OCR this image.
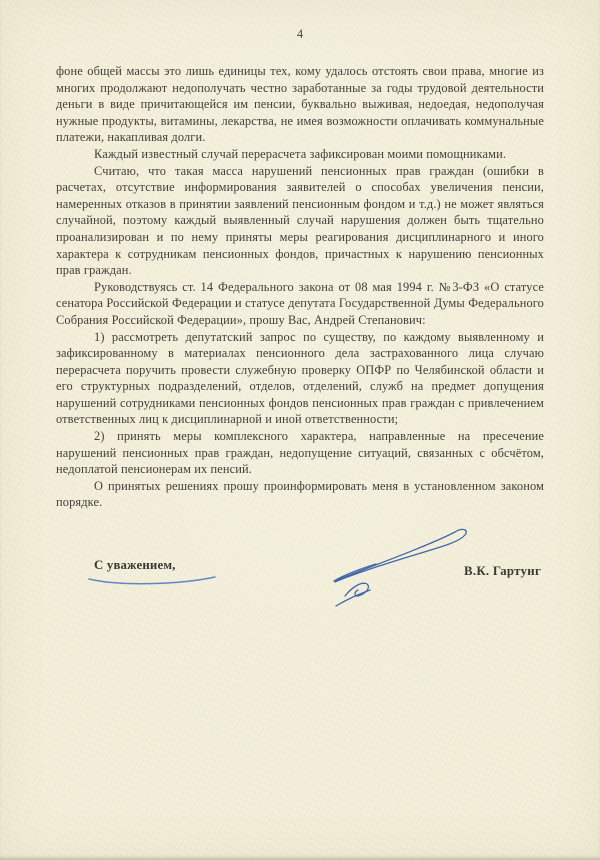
4

фоне общей массы это лишь единицы тех, кому удалось отстоять свои права, многие из многих продолжают недополучать честно заработанные за годы трудовой деятельности деньги в виде причитающейся им пенсии, буквально выживая, недоедая, недополучая нужные продукты, витамины, лекарства, не имея возможности оплачивать коммунальные платежи, накапливая долги.

Каждый известный случай перерасчета зафиксирован моими помощниками.

Считаю, что такая масса нарушений пенсионных прав граждан (ошибки в расчетах, отсутствие информирования заявителей о способах увеличения пенсии, намеренных отказов в принятии заявлений пенсионным фондом и т.д.) не может являться случайной, поэтому каждый выявленный случай нарушения должен быть тщательно проанализирован и по нему приняты меры реагирования дисциплинарного и иного характера к сотрудникам пенсионных фондов, причастных к нарушению пенсионных прав граждан.

Руководствуясь ст. 14 Федерального закона от 08 мая 1994 г. №3-ФЗ «О статусе сенатора Российской Федерации и статусе депутата Государственной Думы Федерального Собрания Российской Федерации», прошу Вас, Андрей Степанович:

1) рассмотреть депутатский запрос по существу, по каждому выявленному и зафиксированному в материалах пенсионного дела застрахованного лица случаю перерасчета поручить провести служебную проверку ОПФР по Челябинской области и его структурных подразделений, отделов, отделений, служб на предмет допущения нарушений сотрудниками пенсионных фондов пенсионных прав граждан с привлечением ответственных лиц к дисциплинарной и иной ответственности;

2) принять меры комплексного характера, направленные на пресечение нарушений пенсионных прав граждан, недопущение ситуаций, связанных с обсчётом, недоплатой пенсионерам их пенсий.

О принятых решениях прошу проинформировать меня в установленном законом порядке.

С уважением,	В.К. Гартунг
